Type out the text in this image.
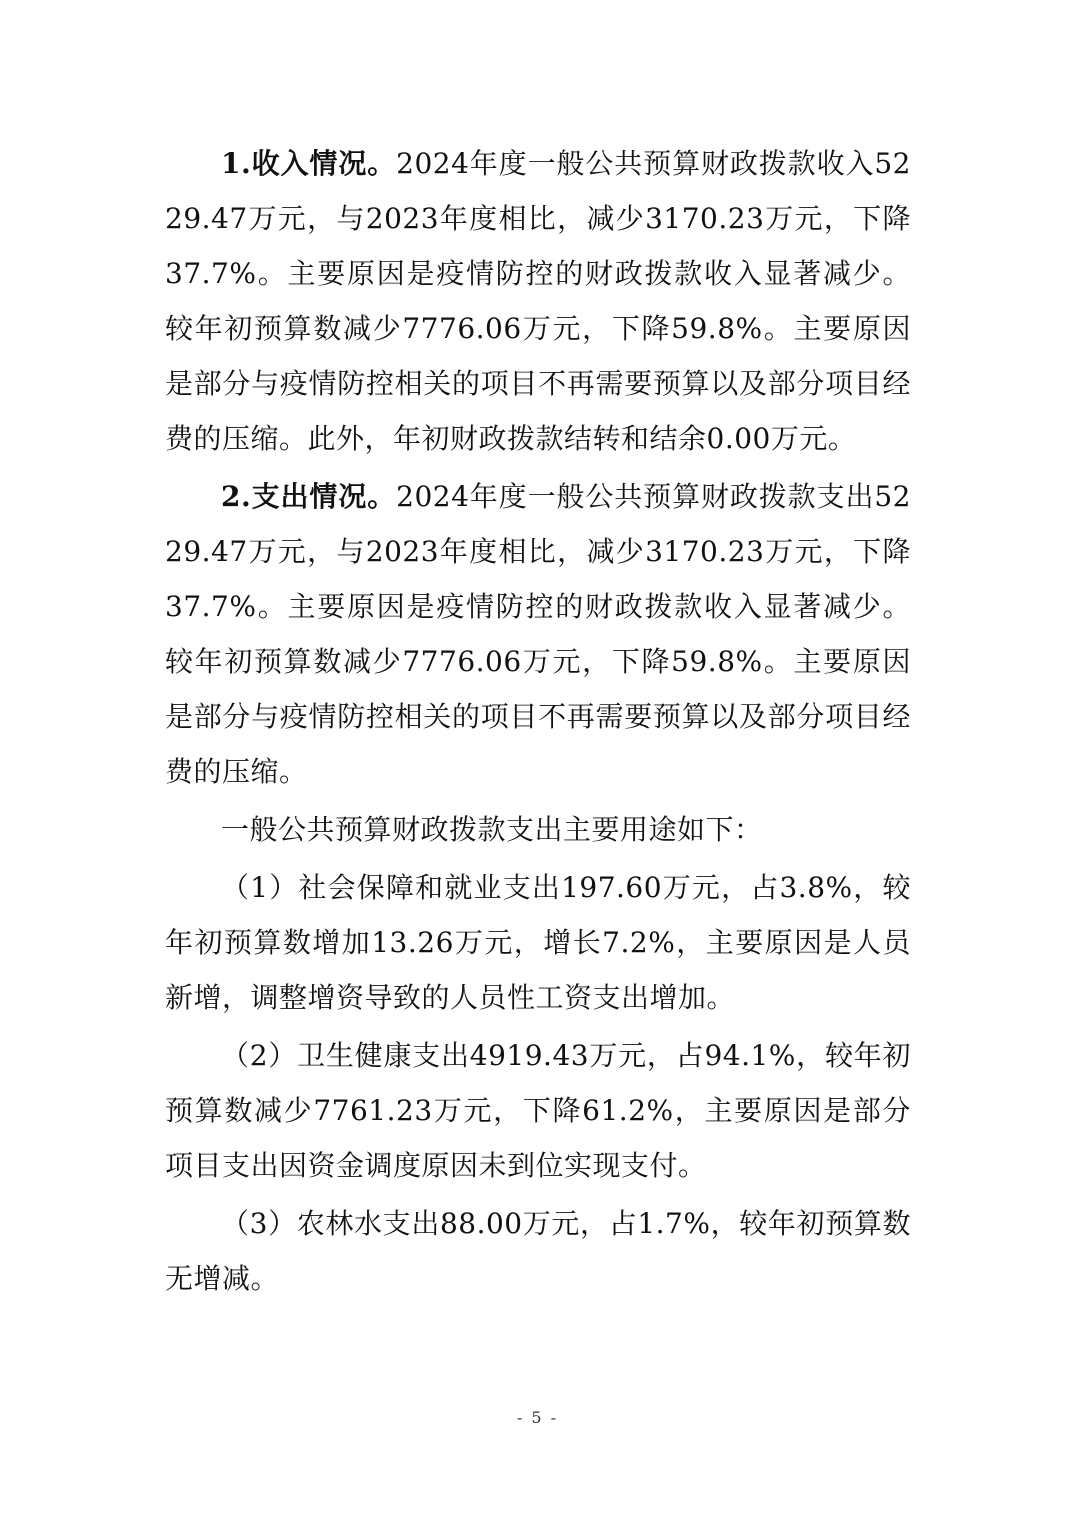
1.收入情况。2024年度一般公共预算财政拨款收入5229.47万元，与2023年度相比，减少3170.23万元，下降37.7%。主要原因是疫情防控的财政拨款收入显著减少。较年初预算数减少7776.06万元，下降59.8%。主要原因是部分与疫情防控相关的项目不再需要预算以及部分项目经费的压缩。此外，年初财政拨款结转和结余0.00万元。

2.支出情况。2024年度一般公共预算财政拨款支出5229.47万元，与2023年度相比，减少3170.23万元，下降37.7%。主要原因是疫情防控的财政拨款收入显著减少。较年初预算数减少7776.06万元，下降59.8%。主要原因是部分与疫情防控相关的项目不再需要预算以及部分项目经费的压缩。

一般公共预算财政拨款支出主要用途如下：

（1）社会保障和就业支出197.60万元，占3.8%，较年初预算数增加13.26万元，增长7.2%，主要原因是人员新增，调整增资导致的人员性工资支出增加。

（2）卫生健康支出4919.43万元，占94.1%，较年初预算数减少7761.23万元，下降61.2%，主要原因是部分项目支出因资金调度原因未到位实现支付。

（3）农林水支出88.00万元，占1.7%，较年初预算数无增减。

- 5 -
